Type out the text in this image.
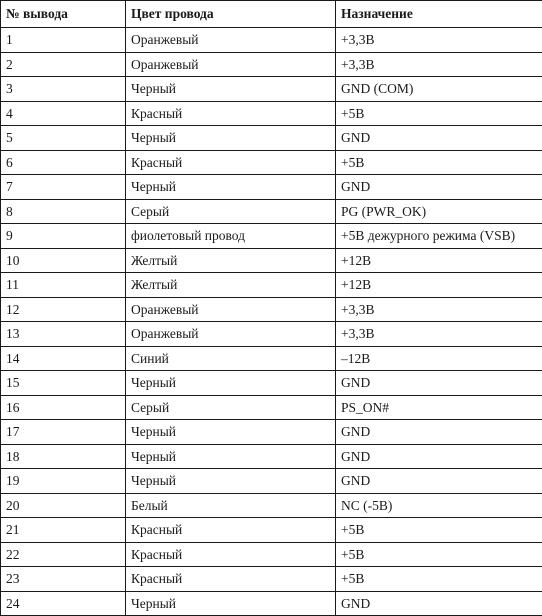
№ вывода	Цвет провода	Назначение
1	Оранжевый	+3,3В
2	Оранжевый	+3,3В
3	Черный	GND (COM)
4	Красный	+5В
5	Черный	GND
6	Красный	+5В
7	Черный	GND
8	Серый	PG (PWR_OK)
9	фиолетовый провод	+5В дежурного режима (VSB)
10	Желтый	+12В
11	Желтый	+12В
12	Оранжевый	+3,3В
13	Оранжевый	+3,3В
14	Синий	–12В
15	Черный	GND
16	Серый	PS_ON#
17	Черный	GND
18	Черный	GND
19	Черный	GND
20	Белый	NC (-5В)
21	Красный	+5В
22	Красный	+5В
23	Красный	+5В
24	Черный	GND
